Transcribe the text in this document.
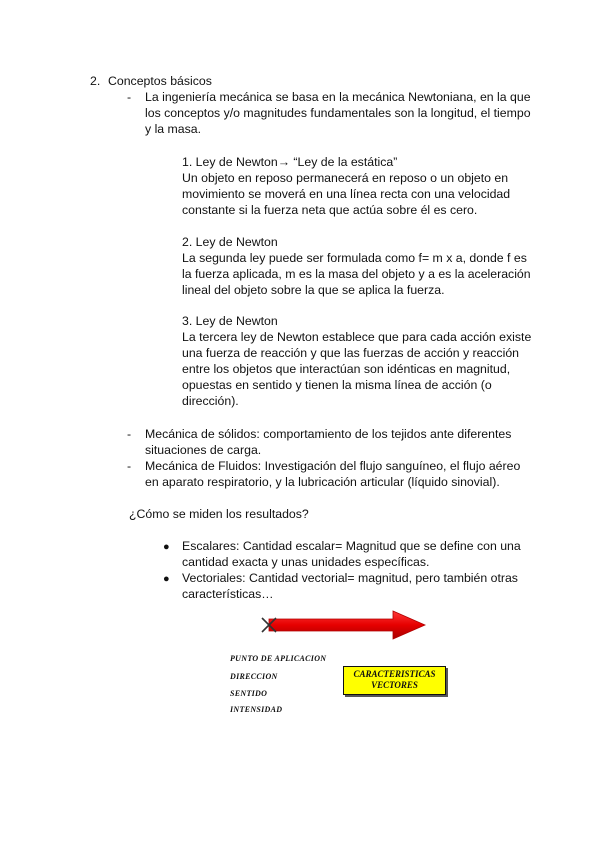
2. Conceptos básicos
- La ingeniería mecánica se basa en la mecánica Newtoniana, en la que
los conceptos y/o magnitudes fundamentales son la longitud, el tiempo
y la masa.
1. Ley de Newton→ “Ley de la estática”
Un objeto en reposo permanecerá en reposo o un objeto en
movimiento se moverá en una línea recta con una velocidad
constante si la fuerza neta que actúa sobre él es cero.
2. Ley de Newton
La segunda ley puede ser formulada como f= m x a, donde f es
la fuerza aplicada, m es la masa del objeto y a es la aceleración
lineal del objeto sobre la que se aplica la fuerza.
3. Ley de Newton
La tercera ley de Newton establece que para cada acción existe
una fuerza de reacción y que las fuerzas de acción y reacción
entre los objetos que interactúan son idénticas en magnitud,
opuestas en sentido y tienen la misma línea de acción (o
dirección).
- Mecánica de sólidos: comportamiento de los tejidos ante diferentes
situaciones de carga.
- Mecánica de Fluidos: Investigación del flujo sanguíneo, el flujo aéreo
en aparato respiratorio, y la lubricación articular (líquido sinovial).
¿Cómo se miden los resultados?
● Escalares: Cantidad escalar= Magnitud que se define con una
cantidad exacta y unas unidades específicas.
● Vectoriales: Cantidad vectorial= magnitud, pero también otras
características…
PUNTO DE APLICACION
DIRECCION
SENTIDO
INTENSIDAD
CARACTERISTICAS
VECTORES
